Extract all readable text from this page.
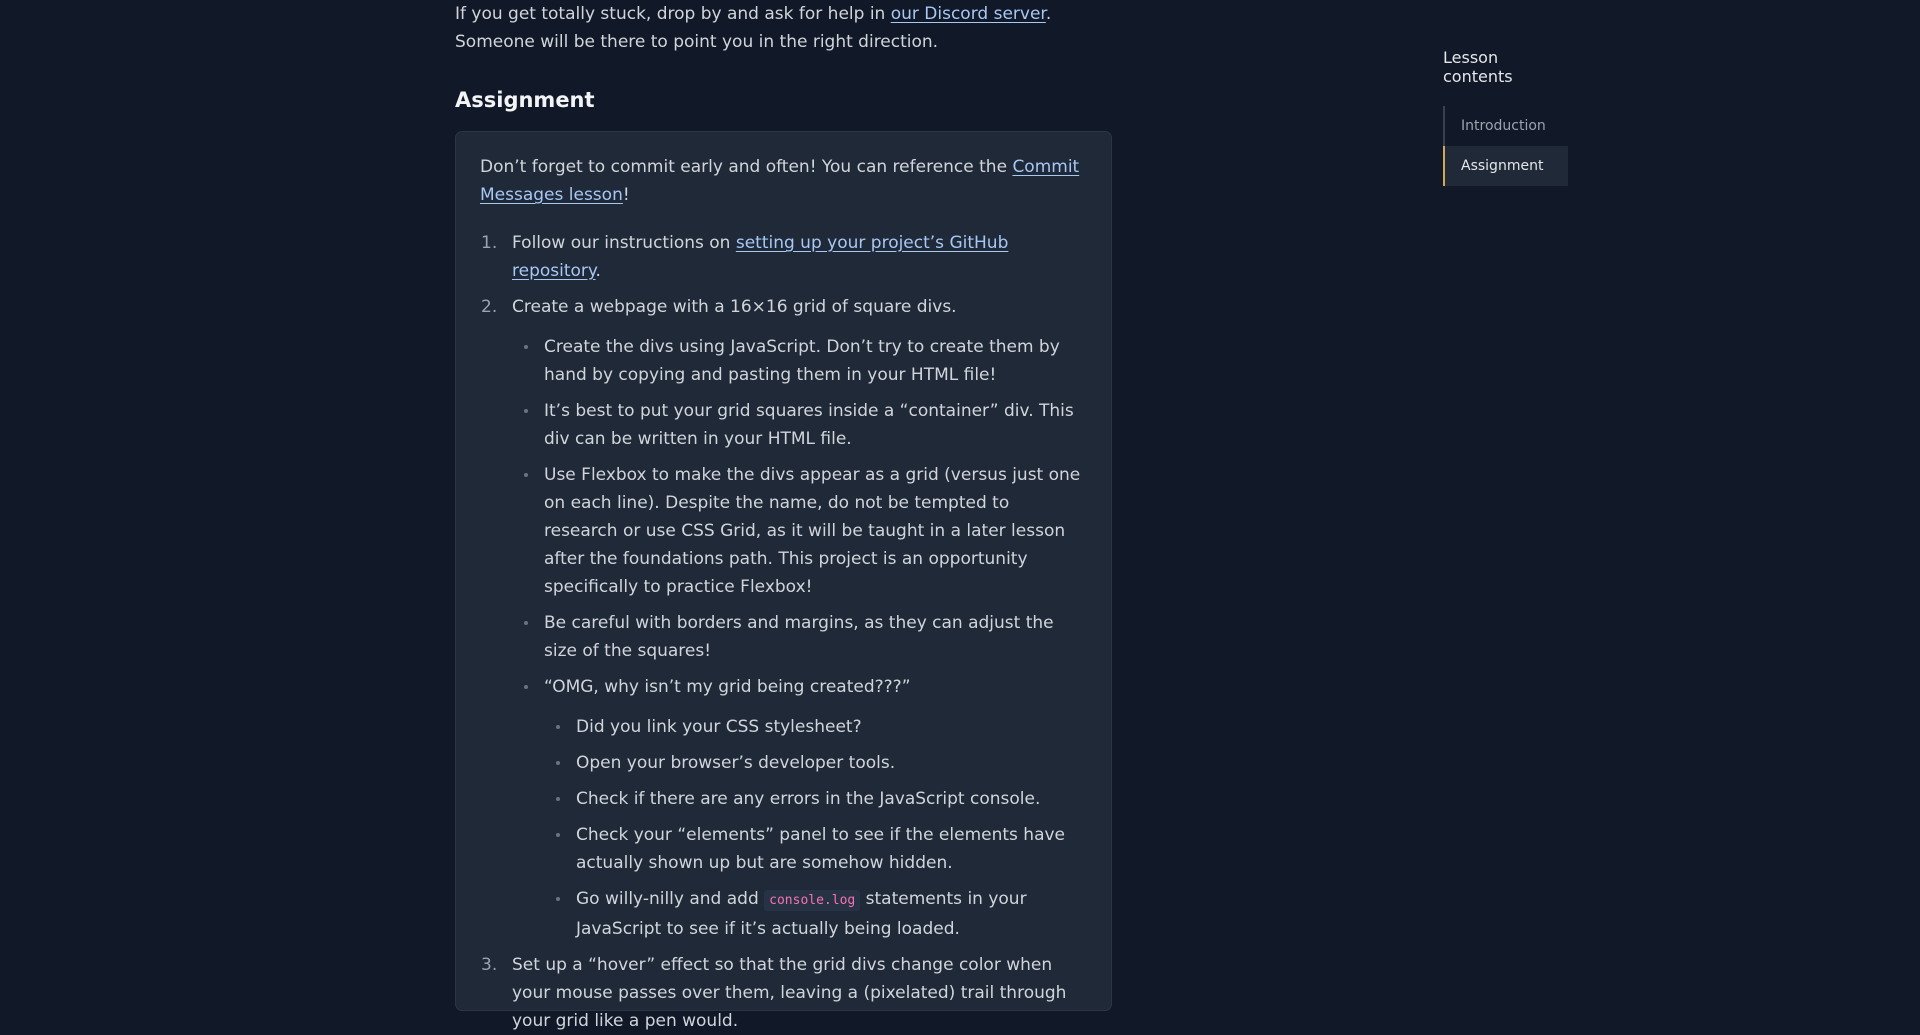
If you get totally stuck, drop by and ask for help in our Discord server. Someone will be there to point you in the right direction.
Assignment

Don’t forget to commit early and often! You can reference the Commit Messages lesson!

1. Follow our instructions on setting up your project’s GitHub repository.
2. Create a webpage with a 16×16 grid of square divs.
Create the divs using JavaScript. Don’t try to create them by hand by copying and pasting them in your HTML file!
It’s best to put your grid squares inside a “container” div. This div can be written in your HTML file.
Use Flexbox to make the divs appear as a grid (versus just one on each line). Despite the name, do not be tempted to research or use CSS Grid, as it will be taught in a later lesson after the foundations path. This project is an opportunity specifically to practice Flexbox!
Be careful with borders and margins, as they can adjust the size of the squares!
“OMG, why isn’t my grid being created???”
Did you link your CSS stylesheet?
Open your browser’s developer tools.
Check if there are any errors in the JavaScript console.
Check your “elements” panel to see if the elements have actually shown up but are somehow hidden.
Go willy-nilly and add console.log statements in your JavaScript to see if it’s actually being loaded.
3. Set up a “hover” effect so that the grid divs change color when your mouse passes over them, leaving a (pixelated) trail through your grid like a pen would.
Lesson contents
Introduction
Assignment
